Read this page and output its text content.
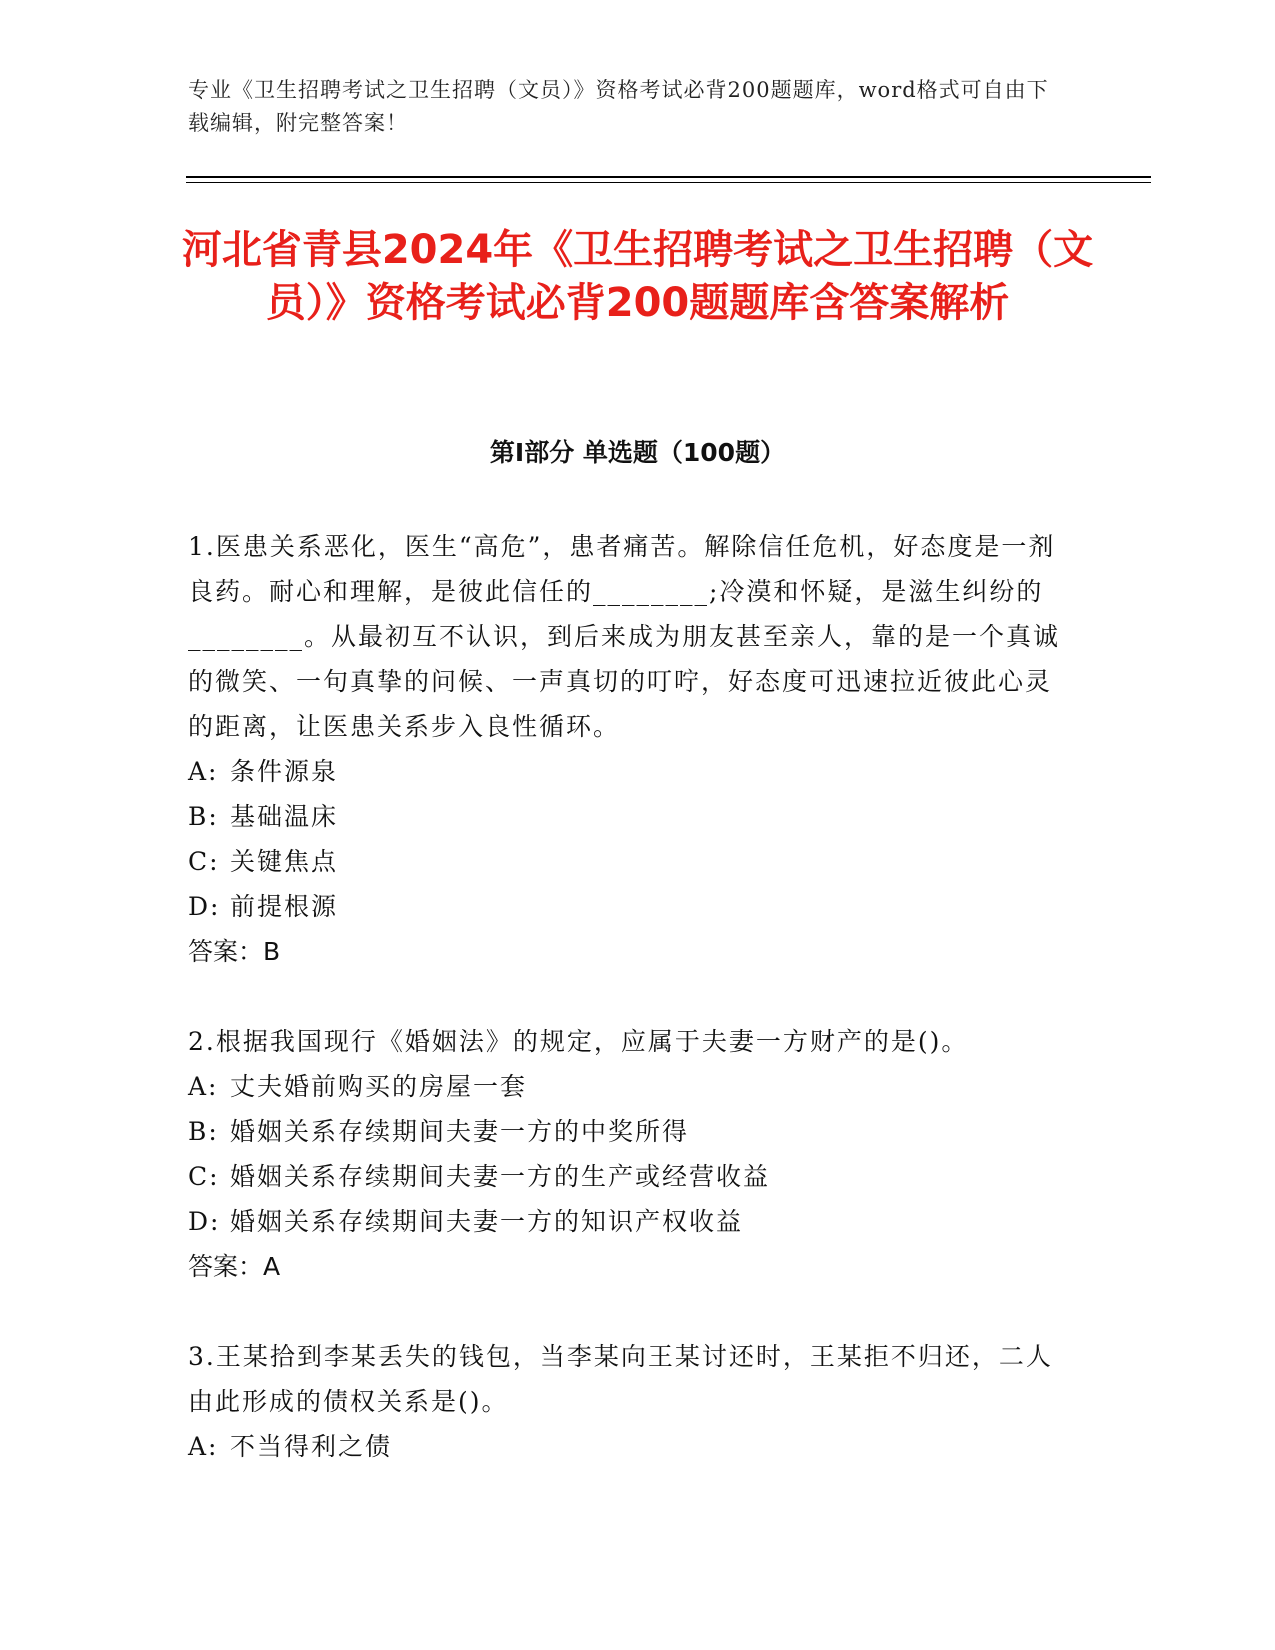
专业《卫生招聘考试之卫生招聘（文员）》资格考试必背200题题库，word格式可自由下载编辑，附完整答案！
河北省青县2024年《卫生招聘考试之卫生招聘（文员）》资格考试必背200题题库含答案解析
第Ⅰ部分 单选题（100题）

1.医患关系恶化，医生“高危”，患者痛苦。解除信任危机，好态度是一剂良药。耐心和理解，是彼此信任的________;冷漠和怀疑，是滋生纠纷的________。从最初互不认识，到后来成为朋友甚至亲人，靠的是一个真诚的微笑、一句真挚的问候、一声真切的叮咛，好态度可迅速拉近彼此心灵的距离，让医患关系步入良性循环。

A: 条件源泉
B: 基础温床
C: 关键焦点
D: 前提根源

答案：B

2.根据我国现行《婚姻法》的规定，应属于夫妻一方财产的是()。

A: 丈夫婚前购买的房屋一套
B: 婚姻关系存续期间夫妻一方的中奖所得
C: 婚姻关系存续期间夫妻一方的生产或经营收益
D: 婚姻关系存续期间夫妻一方的知识产权收益

答案：A

3.王某拾到李某丢失的钱包，当李某向王某讨还时，王某拒不归还，二人由此形成的债权关系是()。

A: 不当得利之债
